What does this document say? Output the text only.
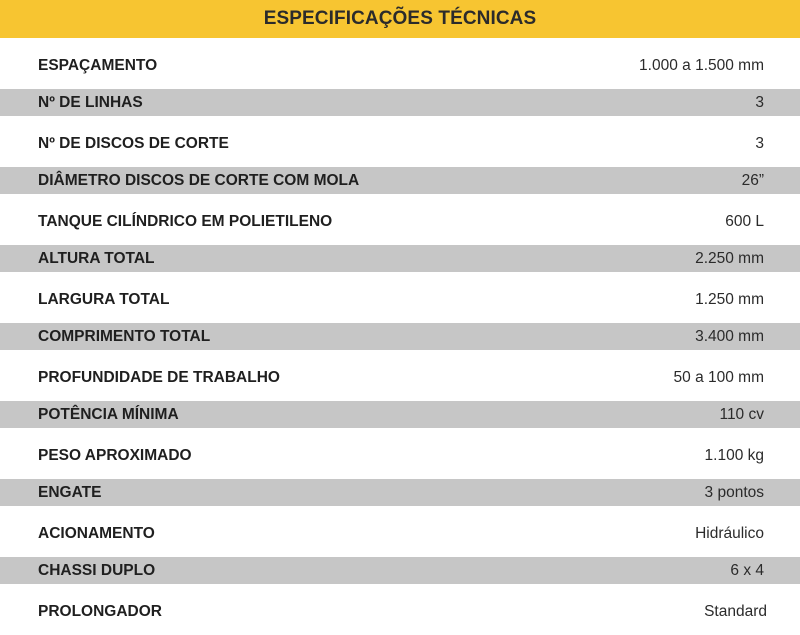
ESPECIFICAÇÕES TÉCNICAS
ESPAÇAMENTO	1.000 a 1.500 mm
Nº DE LINHAS	3
Nº DE DISCOS DE CORTE	3
DIÂMETRO DISCOS DE CORTE COM MOLA	26”
TANQUE CILÍNDRICO EM POLIETILENO	600 L
ALTURA TOTAL	2.250 mm
LARGURA TOTAL	1.250 mm
COMPRIMENTO TOTAL	3.400 mm
PROFUNDIDADE DE TRABALHO	50 a 100 mm
POTÊNCIA MÍNIMA	110 cv
PESO APROXIMADO	1.100 kg
ENGATE	3 pontos
ACIONAMENTO	Hidráulico
CHASSI DUPLO	6 x 4
PROLONGADOR	Standard
